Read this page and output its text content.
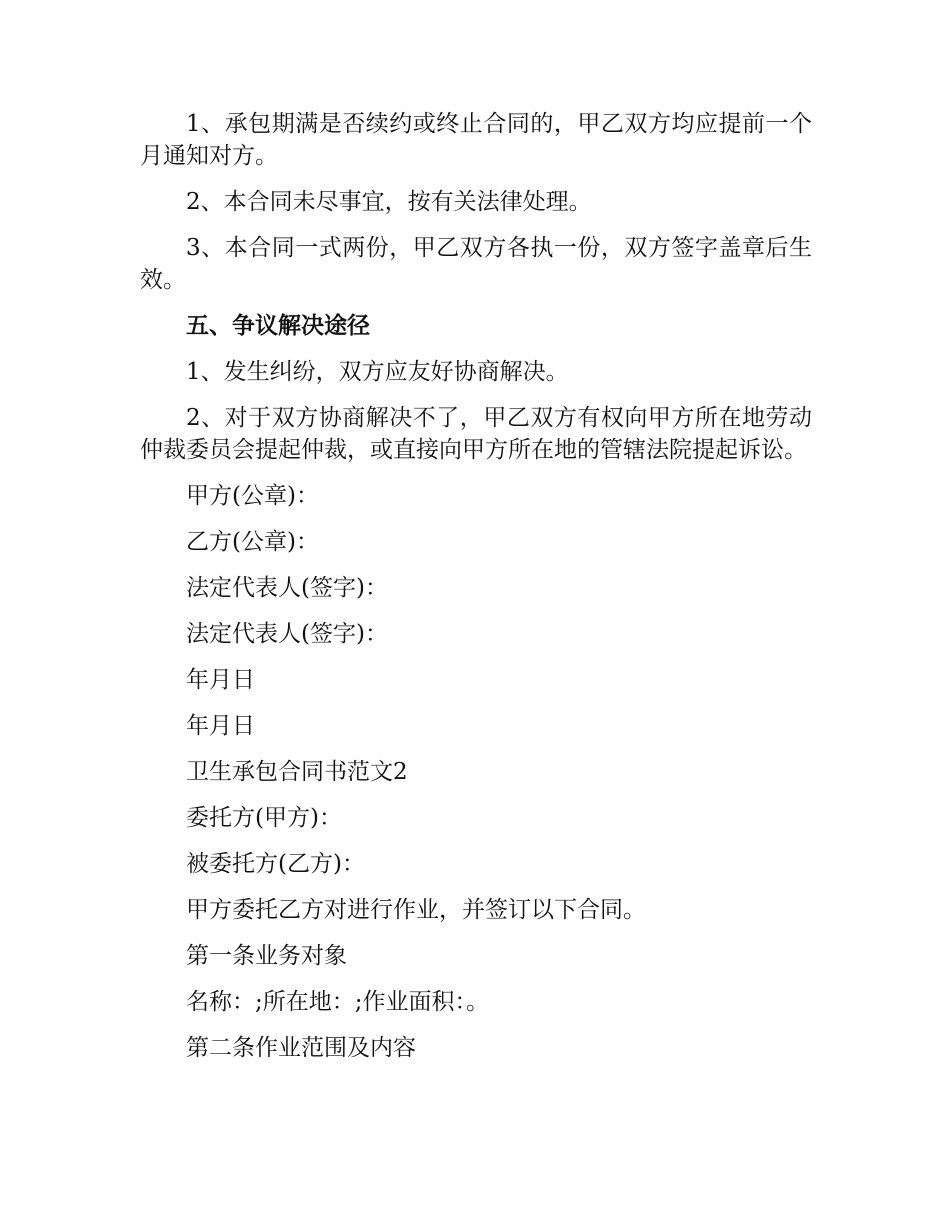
1、承包期满是否续约或终止合同的，甲乙双方均应提前一个月通知对方。

2、本合同未尽事宜，按有关法律处理。

3、本合同一式两份，甲乙双方各执一份，双方签字盖章后生效。

五、争议解决途径

1、发生纠纷，双方应友好协商解决。

2、对于双方协商解决不了，甲乙双方有权向甲方所在地劳动仲裁委员会提起仲裁，或直接向甲方所在地的管辖法院提起诉讼。

甲方(公章)：

乙方(公章)：

法定代表人(签字)：

法定代表人(签字)：

年月日

年月日

卫生承包合同书范文2

委托方(甲方)：

被委托方(乙方)：

甲方委托乙方对进行作业，并签订以下合同。

第一条业务对象

名称：;所在地：;作业面积：。

第二条作业范围及内容
